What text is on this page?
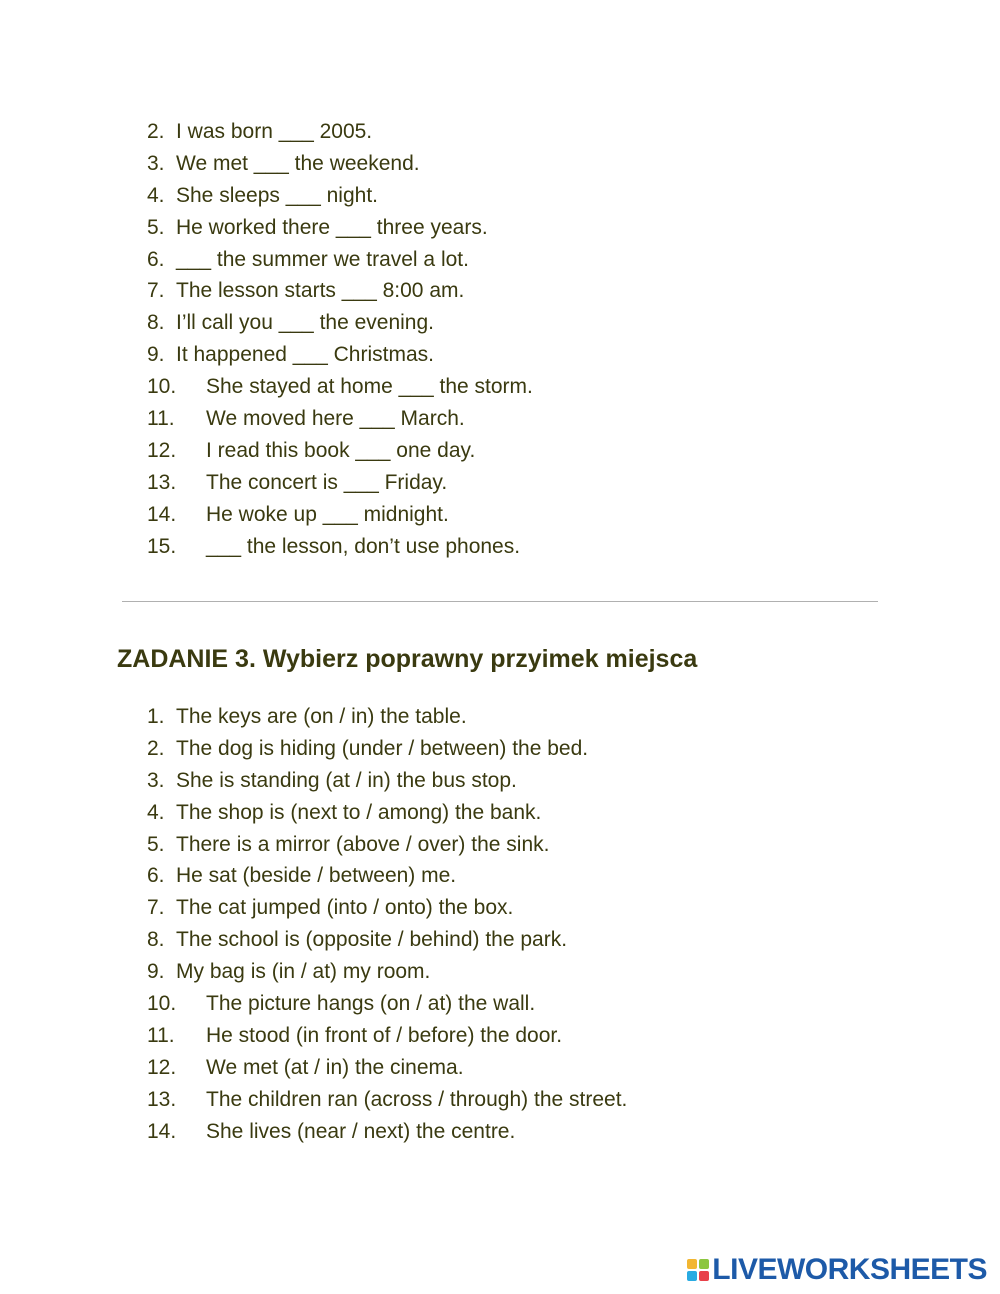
2. I was born ___ 2005.
3. We met ___ the weekend.
4. She sleeps ___ night.
5. He worked there ___ three years.
6. ___ the summer we travel a lot.
7. The lesson starts ___ 8:00 am.
8. I’ll call you ___ the evening.
9. It happened ___ Christmas.
10.	She stayed at home ___ the storm.
11.	We moved here ___ March.
12.	I read this book ___ one day.
13.	The concert is ___ Friday.
14.	He woke up ___ midnight.
15.	___ the lesson, don’t use phones.
ZADANIE 3. Wybierz poprawny przyimek miejsca
1. The keys are (on / in) the table.
2. The dog is hiding (under / between) the bed.
3. She is standing (at / in) the bus stop.
4. The shop is (next to / among) the bank.
5. There is a mirror (above / over) the sink.
6. He sat (beside / between) me.
7. The cat jumped (into / onto) the box.
8. The school is (opposite / behind) the park.
9. My bag is (in / at) my room.
10.	The picture hangs (on / at) the wall.
11.	He stood (in front of / before) the door.
12.	We met (at / in) the cinema.
13.	The children ran (across / through) the street.
14.	She lives (near / next) the centre.
LIVEWORKSHEETS
